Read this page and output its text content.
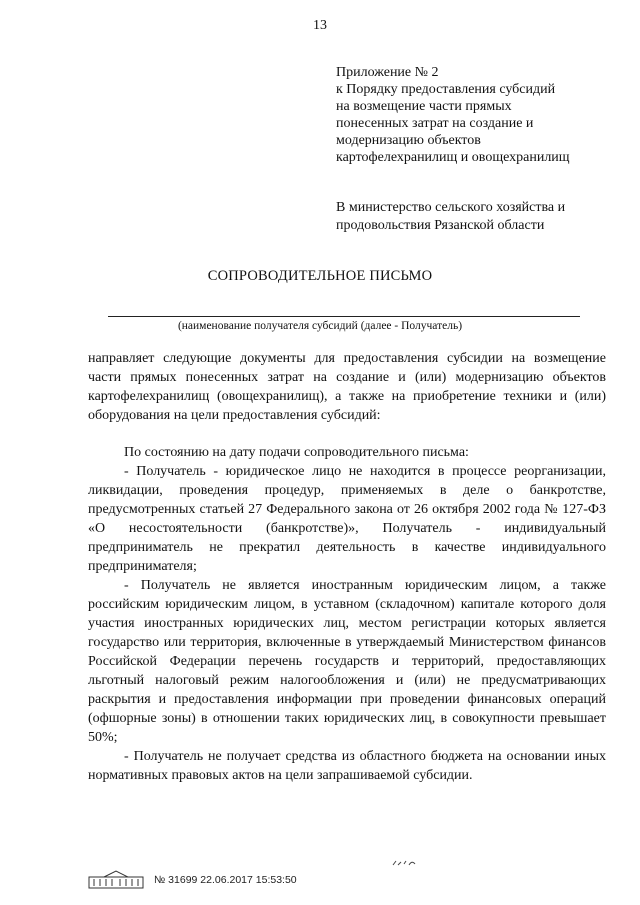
13
Приложение № 2
к Порядку предоставления субсидий
на возмещение части прямых
понесенных затрат на создание и
модернизацию объектов
картофелехранилищ и овощехранилищ
В министерство сельского хозяйства и
продовольствия Рязанской области
СОПРОВОДИТЕЛЬНОЕ ПИСЬМО
(наименование получателя субсидий (далее - Получатель)

направляет следующие документы для предоставления субсидии на возмещение части прямых понесенных затрат на создание и (или) модернизацию объектов картофелехранилищ (овощехранилищ), а также на приобретение техники и (или) оборудования на цели предоставления субсидий:

По состоянию на дату подачи сопроводительного письма:

- Получатель - юридическое лицо не находится в процессе реорганизации, ликвидации, проведения процедур, применяемых в деле о банкротстве, предусмотренных статьей 27 Федерального закона от 26 октября 2002 года № 127-ФЗ «О несостоятельности (банкротстве)», Получатель - индивидуальный предприниматель не прекратил деятельность в качестве индивидуального предпринимателя;

- Получатель не является иностранным юридическим лицом, а также российским юридическим лицом, в уставном (складочном) капитале которого доля участия иностранных юридических лиц, местом регистрации которых является государство или территория, включенные в утверждаемый Министерством финансов Российской Федерации перечень государств и территорий, предоставляющих льготный налоговый режим налогообложения и (или) не предусматривающих раскрытия и предоставления информации при проведении финансовых операций (офшорные зоны) в отношении таких юридических лиц, в совокупности превышает 50%;

- Получатель не получает средства из областного бюджета на основании иных нормативных правовых актов на цели запрашиваемой субсидии.

№ 31699 22.06.2017 15:53:50
